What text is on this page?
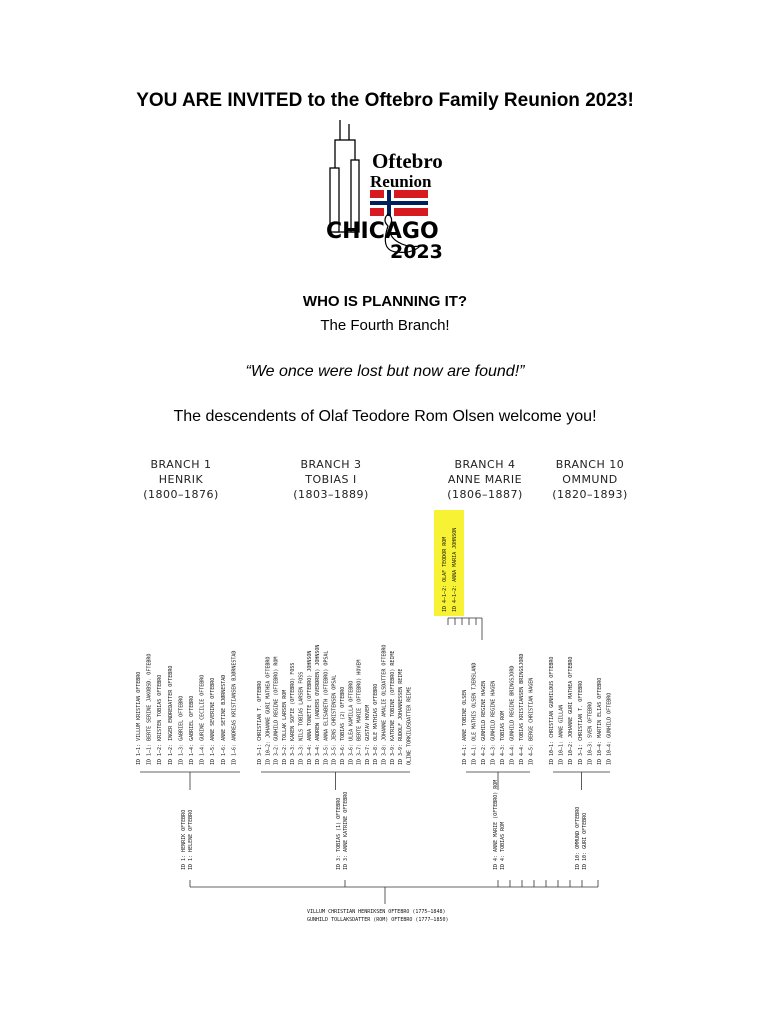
YOU ARE INVITED to the Oftebro Family Reunion 2023!
Oftebro
Reunion
CHICAGO
2023
WHO IS PLANNING IT?
The Fourth Branch!
“We once were lost but now are found!”
The descendents of Olaf Teodore Rom Olsen welcome you!
BRANCH 1
HENRIK
(1800–1876)
BRANCH 3
TOBIAS I
(1803–1889)
BRANCH 4
ANNE MARIE
(1806–1887)
BRANCH 10
OMMUND
(1820–1893)
VILLUM CHRISTIAN HENRIKSEN OFTEBRO (1775–1848)
GUNHILD TOLLAKSDATTER (ROM) OFTEBRO (1777–1850)
ID 1: HENRIK OFTEBRO ID 1: HELENE OFTEBRO	ID 3: TOBIAS (1) OFTEBRO ID 3: ANNE KATRINE OFTEBRO	ID 4: ANNE MARIE (OFTEBRO) ROM ID 4: TOBIAS ROM	ID 10: OMMUND OFTEBRO ID 10: GURI OFTEBRO
ID 1–1: VILLUM KRISTIAN OFTEBRO ID 1–1: BERTE SERINE JAKOBSD. OFTEBRO ID 1–2: KRISTEN TOBIAS OFTEBRO ID 1–2: INGER ENDREDATTER OFTEBRO ID 1–3: GABRIEL OFTEBRO ID 1–4: GABRIEL OFTEBRO ID 1–4: GURINE CECILIE OFTEBRO ID 1–5: ANNE SEVERINE OFTEBRO ID 1–6: ANNE SETINE BJØRNESTAD ID 1–6: ANDREAS KRISTIANSEN BJØRNESTAD	ID 3–1: CHRISTIAN T. OFTEBRO ID 10–2: JOHANNE GURI MATHEA OFTEBRO ID 3–2: GUNHILD REGINE (OFTEBRO) ROM ID 3–2: TOLLAK LARSEN ROM ID 3–3: KAREN SOFIE (OFTEBRO) FOSS ID 3–3: NILS TOBIAS LARSEN FOSS ID 3–4: ANNA TONETTE (OFTEBRO) JOHNSON ID 3–4: ANDREW (ANDERS OVERDREN) JOHNSON ID 3–5: ANNA ELISABETH (OFTEBRO) OPSAL ID 3–5: JENS CHRISTENSEN OPSAL ID 3–6: TOBIAS (2) OFTEBRO ID 3–6: ULEA KAMILLA OFTEBRO ID 3–7: BERTE MARIE (OFTEBRO) HOVEM ID 3–7: GUSTAV HOVEM ID 3–8: OLE MATHIAS OFTEBRO ID 3–8: JOHANNE AMALIE OLSDATTER OFTEBRO ID 3–9: KATRINE TOBINE (OFTEBRO) REIME ID 3–9: RUDOLF JOHANNESSEN REIME OLINE TORKILDSDATTER REIME	ID 4–1: ANNE TOBINE OLSEN ID 4–1: OLE MATHIS OLSEN TJERSLAND ID 4–2: GUNHILD REGINE HAGEN ID 4–3: GUNHILD REGINE HAGEN ID 4–3: TOBIAS ROM ID 4–4: GUNHILD REGINE BRINGSJORD ID 4–4: TOBIAS KRISTIANSEN BRINGSJORD ID 4–5: BERGE CHRISTIAN HAGEN	ID 10–1: CHRISTIAN GUNHILDUS OFTEBRO ID 10–1: ANNE GILLAN ID 10–2: JOHANNE GURI MATHEA OFTEBRO ID 3–1: CHRISTIAN T. OFTEBRO ID 10–3: SVEN OFTEBRO ID 10–4: MARTIN ELIAS OFTEBRO ID 10–4: GUNHILD OFTEBRO
ID 4–1–2: OLAF TEODOR ROM ID 4–1–2: ANNA MARIA JOHNSON
